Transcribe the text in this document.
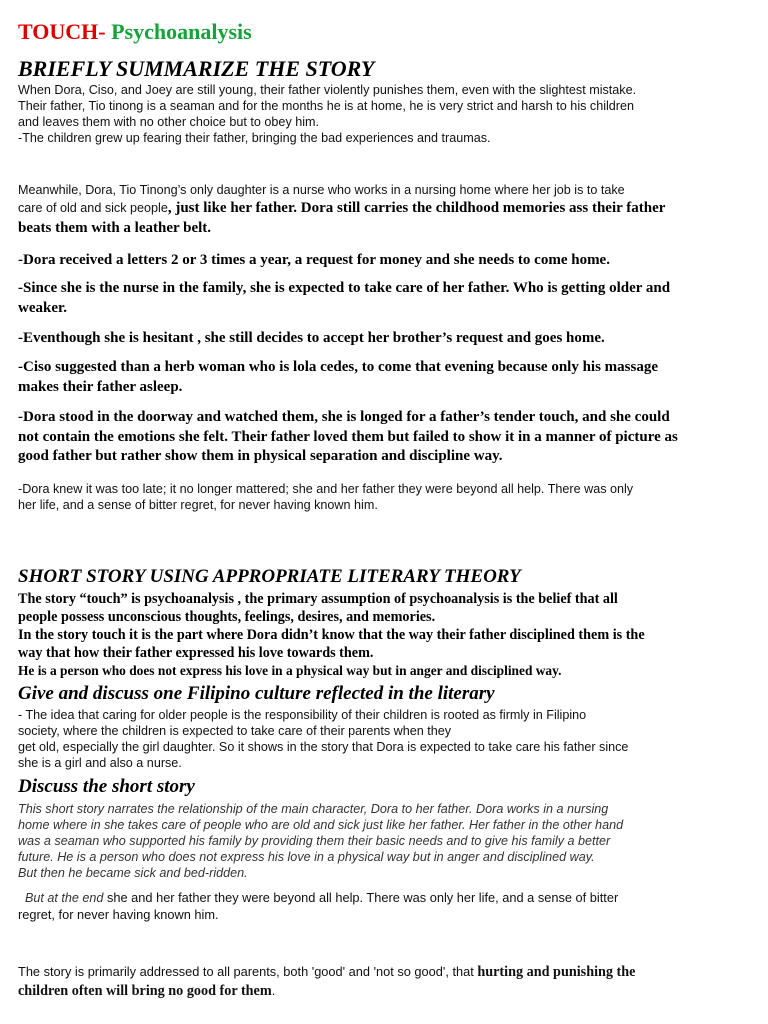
TOUCH- Psychoanalysis
BRIEFLY SUMMARIZE THE STORY
When Dora, Ciso, and Joey are still young, their father violently punishes them, even with the slightest mistake.
Their father, Tio tinong is a seaman and for the months he is at home, he is very strict and harsh to his children
and leaves them with no other choice but to obey him.
-The children grew up fearing their father, bringing the bad experiences and traumas.
Meanwhile, Dora, Tio Tinong’s only daughter is a nurse who works in a nursing home where her job is to take
care of old and sick people, just like her father. Dora still carries the childhood memories ass their father
beats them with a leather belt.
-Dora received a letters 2 or 3 times a year, a request for money and she needs to come home.
-Since she is the nurse in the family, she is expected to take care of her father. Who is getting older and
weaker.
-Eventhough she is hesitant , she still decides to accept her brother’s request and goes home.
-Ciso suggested than a herb woman who is lola cedes, to come that evening because only his massage
makes their father asleep.
-Dora stood in the doorway and watched them, she is longed for a father’s tender touch, and she could
not contain the emotions she felt. Their father loved them but failed to show it in a manner of picture as
good father but rather show them in physical separation and discipline way.
-Dora knew it was too late; it no longer mattered; she and her father they were beyond all help. There was only
her life, and a sense of bitter regret, for never having known him.
SHORT STORY USING APPROPRIATE LITERARY THEORY
The story “touch” is psychoanalysis , the primary assumption of psychoanalysis is the belief that all
people possess unconscious thoughts, feelings, desires, and memories.
In the story touch it is the part where Dora didn’t know that the way their father disciplined them is the
way that how their father expressed his love towards them.
He is a person who does not express his love in a physical way but in anger and disciplined way.
Give and discuss one Filipino culture reflected in the literary
- The idea that caring for older people is the responsibility of their children is rooted as firmly in Filipino
society, where the children is expected to take care of their parents when they
get old, especially the girl daughter. So it shows in the story that Dora is expected to take care his father since
she is a girl and also a nurse.
Discuss the short story
This short story narrates the relationship of the main character, Dora to her father. Dora works in a nursing
home where in she takes care of people who are old and sick just like her father. Her father in the other hand
was a seaman who supported his family by providing them their basic needs and to give his family a better
future. He is a person who does not express his love in a physical way but in anger and disciplined way.
But then he became sick and bed-ridden.
But at the end she and her father they were beyond all help. There was only her life, and a sense of bitter
regret, for never having known him.
The story is primarily addressed to all parents, both 'good' and 'not so good', that hurting and punishing the
children often will bring no good for them.
